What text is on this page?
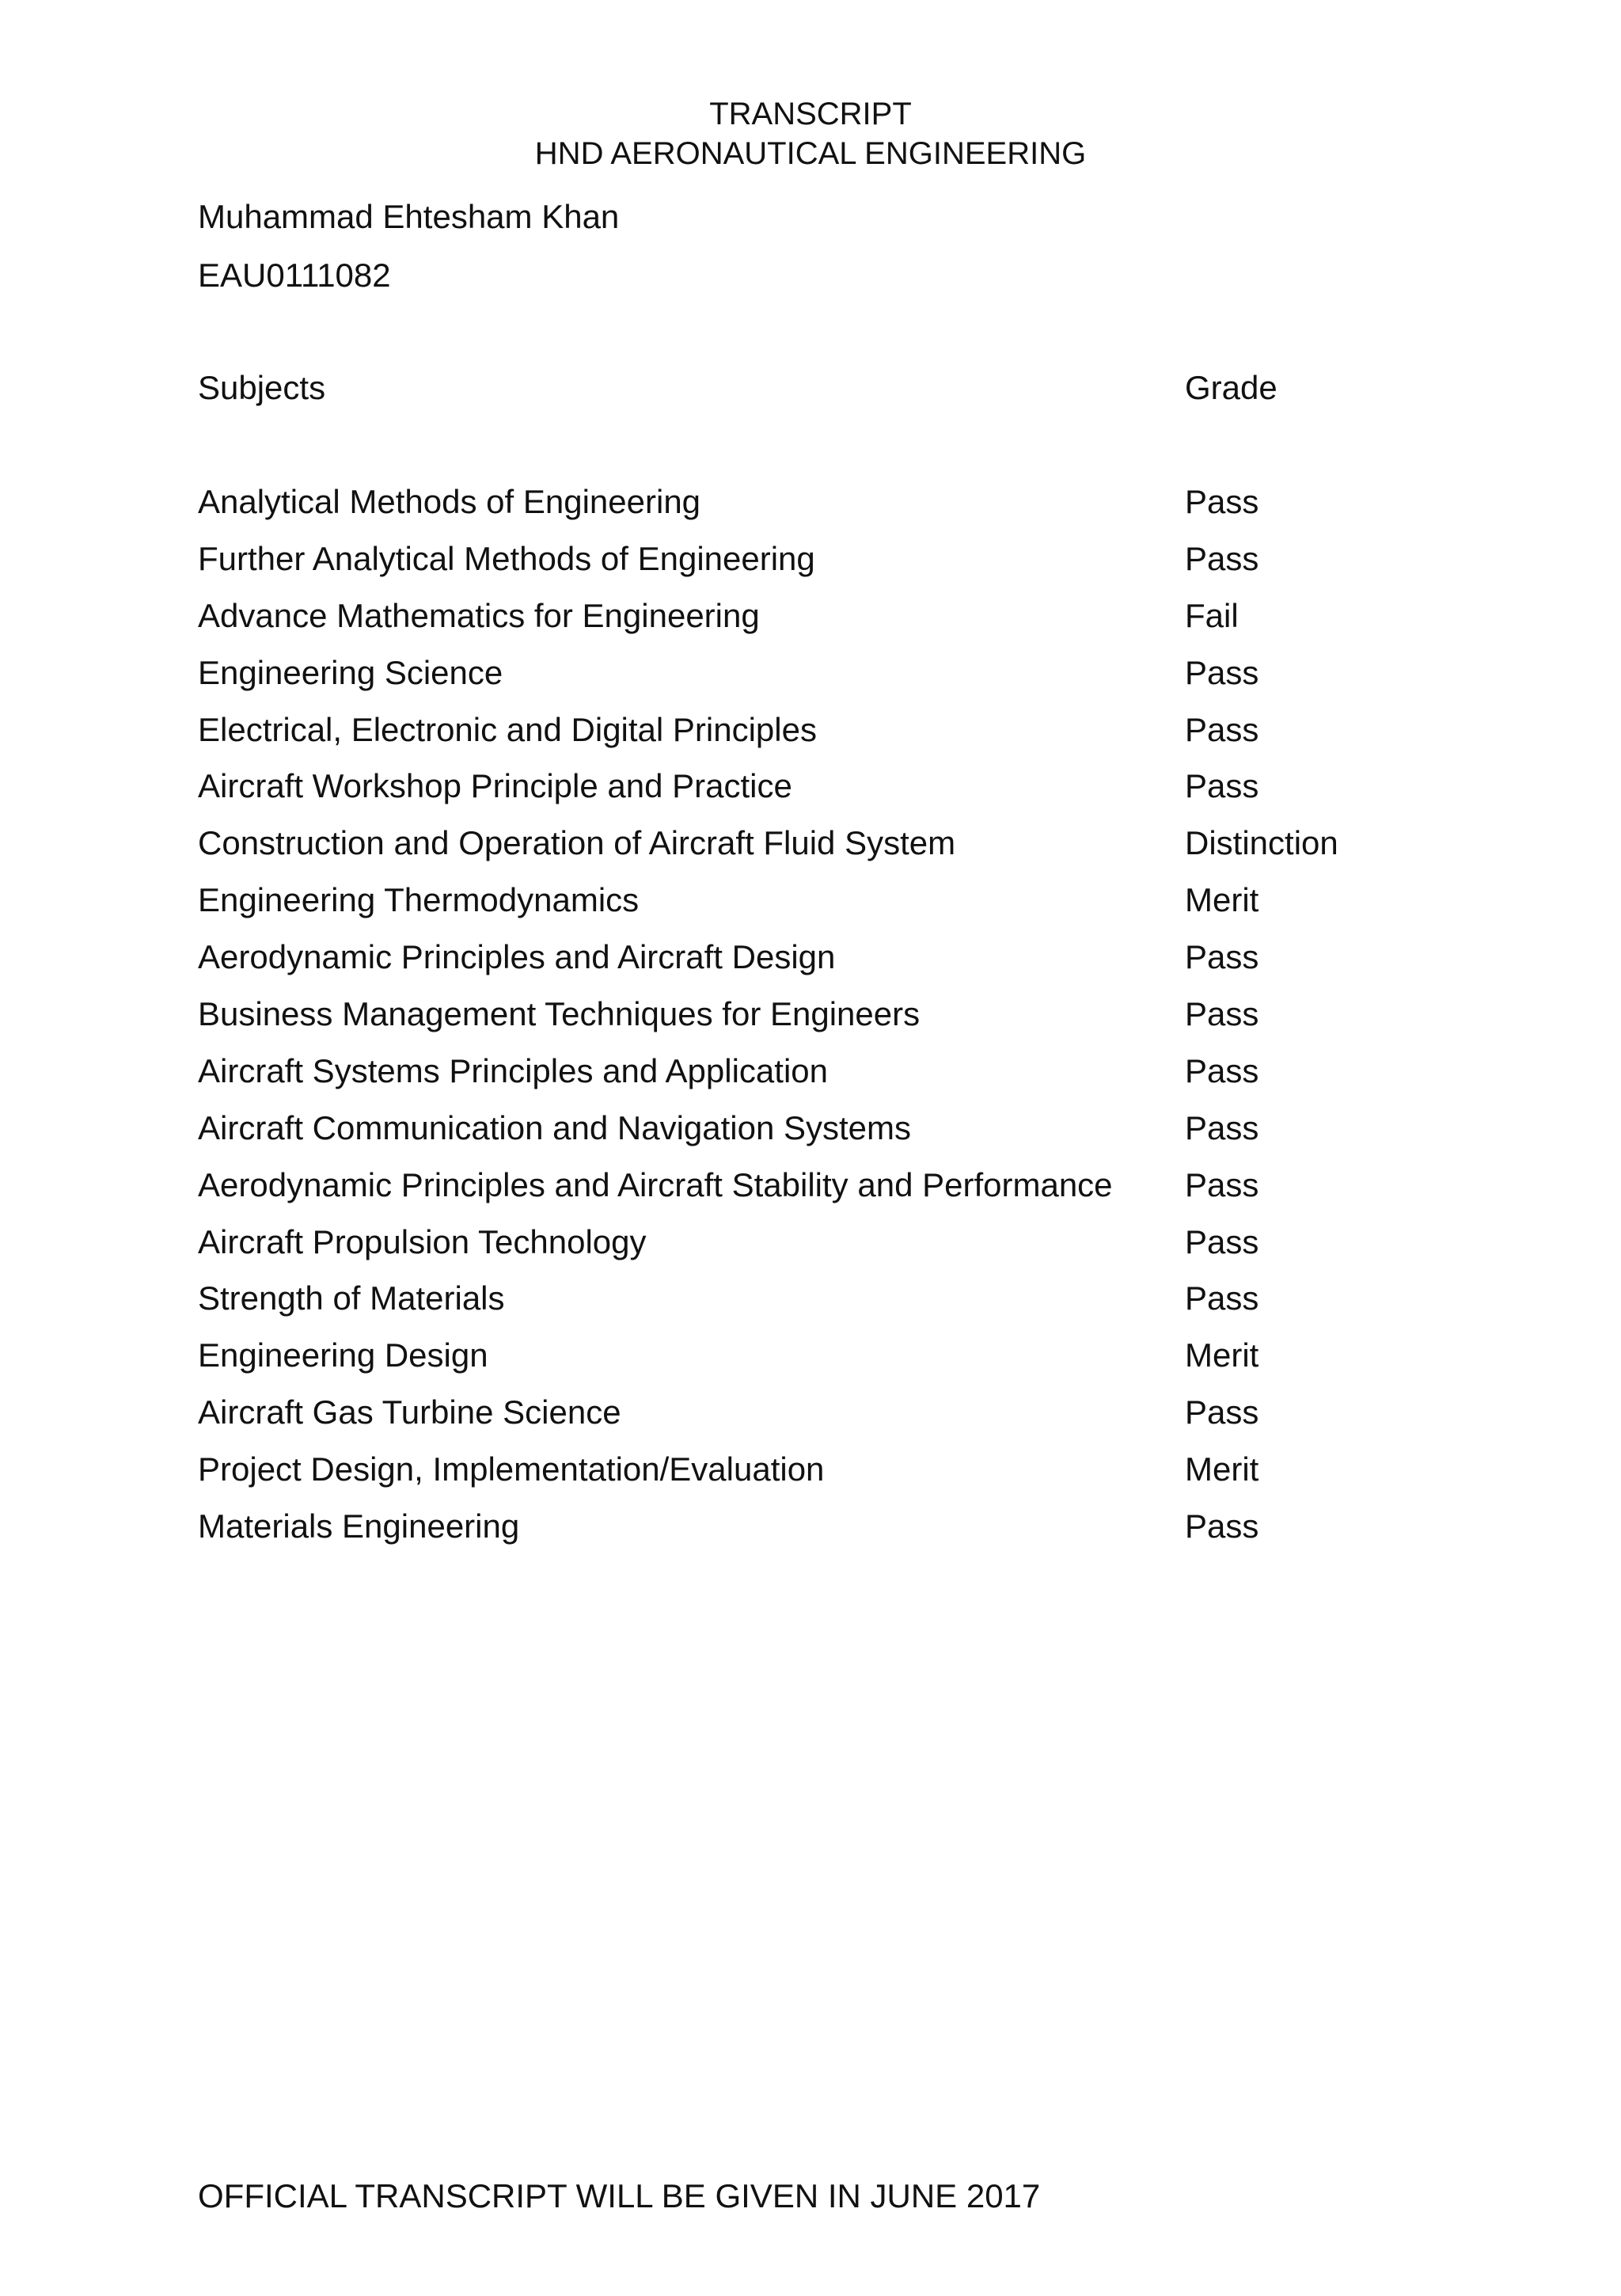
TRANSCRIPT
HND AERONAUTICAL ENGINEERING
Muhammad Ehtesham Khan
EAU0111082
Subjects	Grade
Analytical Methods of Engineering	Pass
Further Analytical Methods of Engineering	Pass
Advance Mathematics for Engineering	Fail
Engineering Science	Pass
Electrical, Electronic and Digital Principles	Pass
Aircraft Workshop Principle and Practice	Pass
Construction and Operation of Aircraft Fluid System	Distinction
Engineering Thermodynamics	Merit
Aerodynamic Principles and Aircraft Design	Pass
Business Management Techniques for Engineers	Pass
Aircraft Systems Principles and Application	Pass
Aircraft Communication and Navigation Systems	Pass
Aerodynamic Principles and Aircraft Stability and Performance	Pass
Aircraft Propulsion Technology	Pass
Strength of Materials	Pass
Engineering Design	Merit
Aircraft Gas Turbine Science	Pass
Project Design, Implementation/Evaluation	Merit
Materials Engineering	Pass
OFFICIAL TRANSCRIPT WILL BE GIVEN IN JUNE 2017
